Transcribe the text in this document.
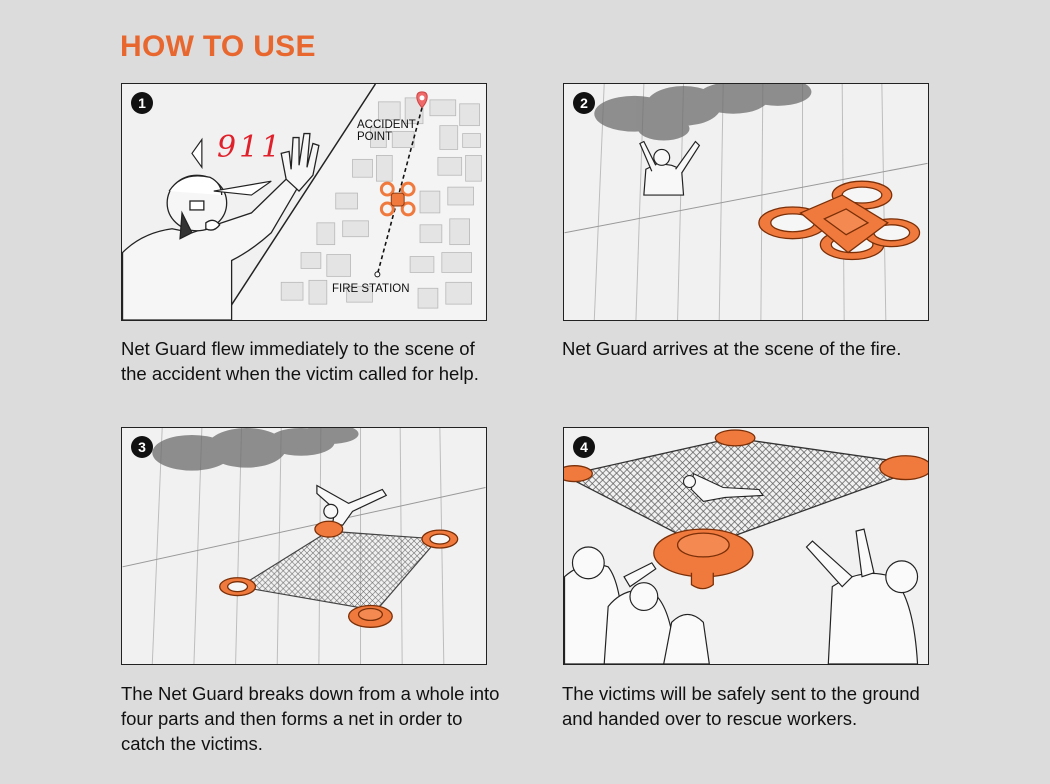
HOW TO USE
1
911
ACCIDENT POINT
FIRE STATION
2
3	4
Net Guard flew immediately to the scene of the accident when the victim called for help.
Net Guard arrives at the scene of the fire.
The Net Guard breaks down from a whole into four parts and then forms a net in order to catch the victims.
The victims will be safely sent to the ground and handed over to rescue workers.
